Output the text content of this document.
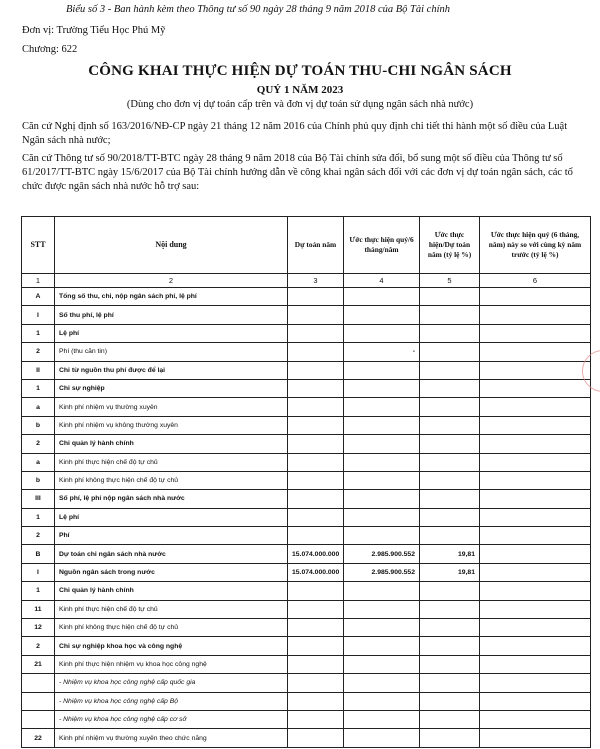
Biểu số 3 - Ban hành kèm theo Thông tư số 90 ngày 28 tháng 9 năm 2018 của Bộ Tài chính
Đơn vị: Trường Tiểu Học Phú Mỹ
Chương: 622
CÔNG KHAI THỰC HIỆN DỰ TOÁN THU-CHI NGÂN SÁCH
QUÝ 1 NĂM 2023
(Dùng cho đơn vị dự toán cấp trên và đơn vị dự toán sử dụng ngân sách nhà nước)
Căn cứ Nghị định số 163/2016/NĐ-CP ngày 21 tháng 12 năm 2016 của Chính phủ quy định chi tiết thi hành một số điều của Luật Ngân sách nhà nước;
Căn cứ Thông tư số 90/2018/TT-BTC ngày 28 tháng 9 năm 2018 của Bộ Tài chính sửa đổi, bổ sung một số điều của Thông tư số 61/2017/TT-BTC ngày 15/6/2017 của Bộ Tài chính hướng dẫn về công khai ngân sách đối với các đơn vị dự toán ngân sách, các tổ chức được ngân sách nhà nước hỗ trợ sau:
STT	Nội dung	Dự toán năm	Ước thực hiện quý/6 tháng/năm	Ước thực hiện/Dự toán năm (tỷ lệ %)	Ước thực hiện quý (6 tháng, năm) này so với cùng kỳ năm trước (tỷ lệ %)
1	2	3	4	5	6
A	Tổng số thu, chi, nộp ngân sách phí, lệ phí				
I	Số thu phí, lệ phí				
1	Lệ phí				
2	Phí (thu căn tin)		-		
II	Chi từ nguồn thu phí được để lại				
1	Chi sự nghiệp				
a	Kinh phí nhiệm vụ thường xuyên				
b	Kinh phí nhiệm vụ không thường xuyên				
2	Chi quản lý hành chính				
a	Kinh phí thực hiện chế độ tự chủ				
b	Kinh phí không thực hiện chế độ tự chủ				
III	Số phí, lệ phí nộp ngân sách nhà nước				
1	Lệ phí				
2	Phí				
B	Dự toán chi ngân sách nhà nước	15.074.000.000	2.985.900.552	19,81	
I	Nguồn ngân sách trong nước	15.074.000.000	2.985.900.552	19,81	
1	Chi quản lý hành chính				
11	Kinh phí thực hiện chế độ tự chủ				
12	Kinh phí không thực hiện chế độ tự chủ				
2	Chi sự nghiệp khoa học và công nghệ				
21	Kinh phí thực hiện nhiệm vụ khoa học công nghệ				
	- Nhiệm vụ khoa học công nghệ cấp quốc gia				
	- Nhiệm vụ khoa học công nghệ cấp Bộ				
	- Nhiệm vụ khoa học công nghệ cấp cơ sở				
22	Kinh phí nhiệm vụ thường xuyên theo chức năng				
